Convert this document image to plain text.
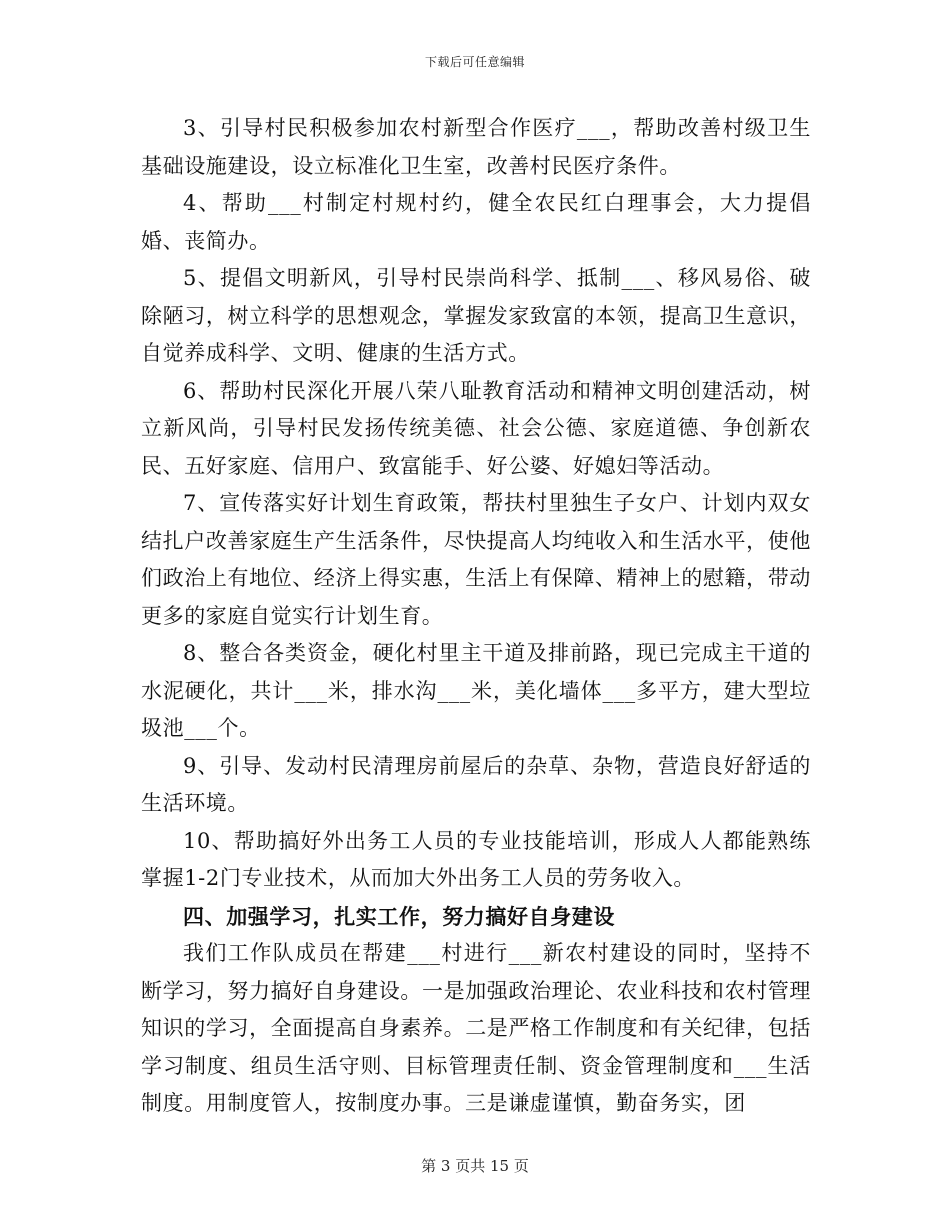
下载后可任意编辑

3、引导村民积极参加农村新型合作医疗___，帮助改善村级卫生基础设施建设，设立标准化卫生室，改善村民医疗条件。

4、帮助___村制定村规村约，健全农民红白理事会，大力提倡婚、丧简办。

5、提倡文明新风，引导村民崇尚科学、抵制___、移风易俗、破除陋习，树立科学的思想观念，掌握发家致富的本领，提高卫生意识，自觉养成科学、文明、健康的生活方式。

6、帮助村民深化开展八荣八耻教育活动和精神文明创建活动，树立新风尚，引导村民发扬传统美德、社会公德、家庭道德、争创新农民、五好家庭、信用户、致富能手、好公婆、好媳妇等活动。

7、宣传落实好计划生育政策，帮扶村里独生子女户、计划内双女结扎户改善家庭生产生活条件，尽快提高人均纯收入和生活水平，使他们政治上有地位、经济上得实惠，生活上有保障、精神上的慰籍，带动更多的家庭自觉实行计划生育。

8、整合各类资金，硬化村里主干道及排前路，现已完成主干道的水泥硬化，共计___米，排水沟___米，美化墙体___多平方，建大型垃圾池___个。

9、引导、发动村民清理房前屋后的杂草、杂物，营造良好舒适的生活环境。

10、帮助搞好外出务工人员的专业技能培训，形成人人都能熟练掌握1-2门专业技术，从而加大外出务工人员的劳务收入。

四、加强学习，扎实工作，努力搞好自身建设

我们工作队成员在帮建___村进行___新农村建设的同时，坚持不断学习，努力搞好自身建设。一是加强政治理论、农业科技和农村管理知识的学习，全面提高自身素养。二是严格工作制度和有关纪律，包括学习制度、组员生活守则、目标管理责任制、资金管理制度和___生活制度。用制度管人，按制度办事。三是谦虚谨慎，勤奋务实，团

第 3 页共 15 页
